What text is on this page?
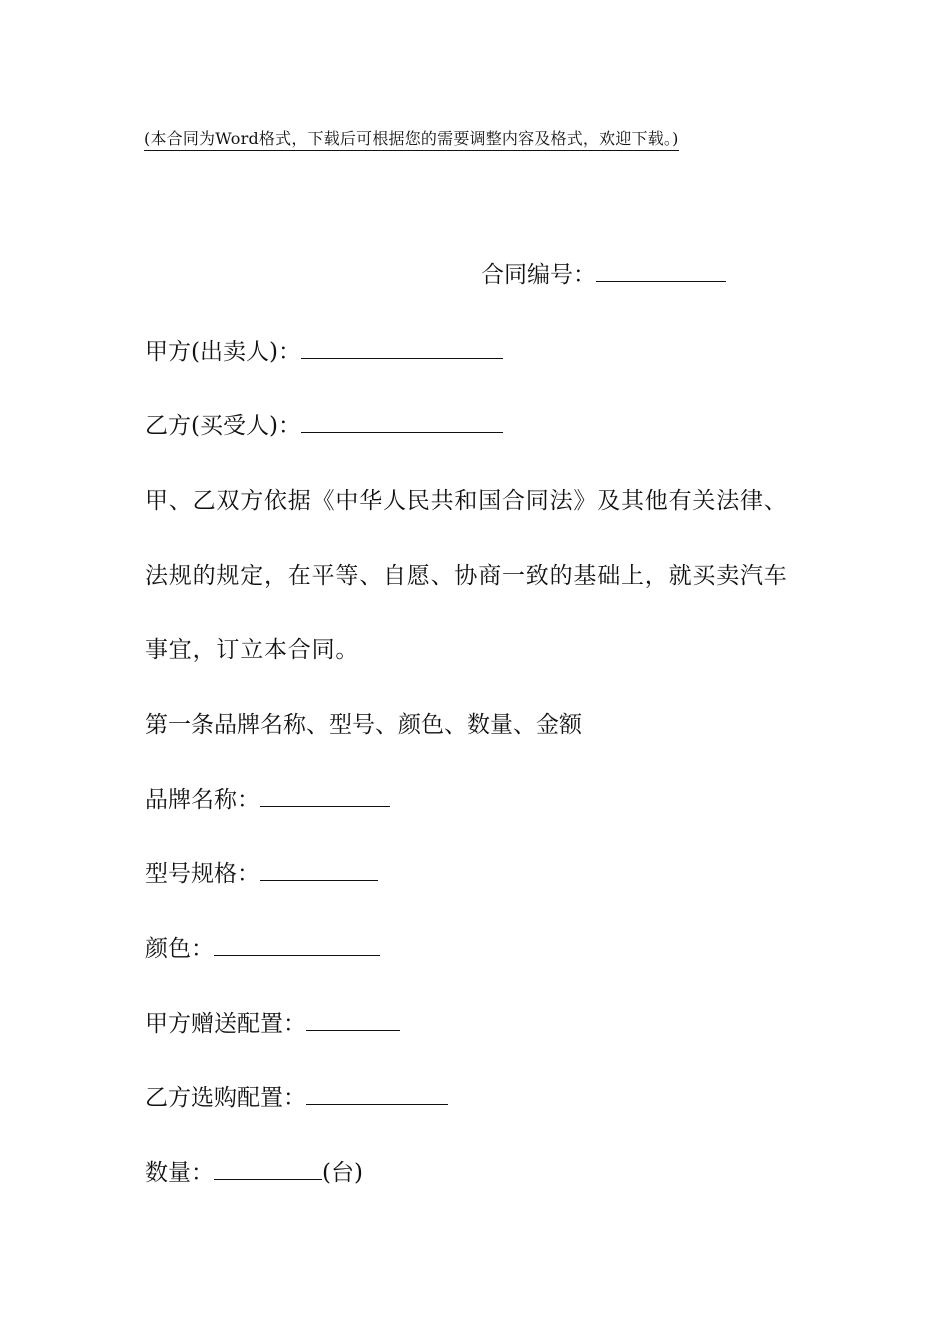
(本合同为Word格式，下载后可根据您的需要调整内容及格式，欢迎下载。)
合同编号：
甲方(出卖人)：
乙方(买受人)：
甲、乙双方依据《中华人民共和国合同法》及其他有关法律、
法规的规定，在平等、自愿、协商一致的基础上，就买卖汽车
事宜，订立本合同。
第一条品牌名称、型号、颜色、数量、金额
品牌名称：
型号规格：
颜色：
甲方赠送配置：
乙方选购配置：
数量：	(台)
